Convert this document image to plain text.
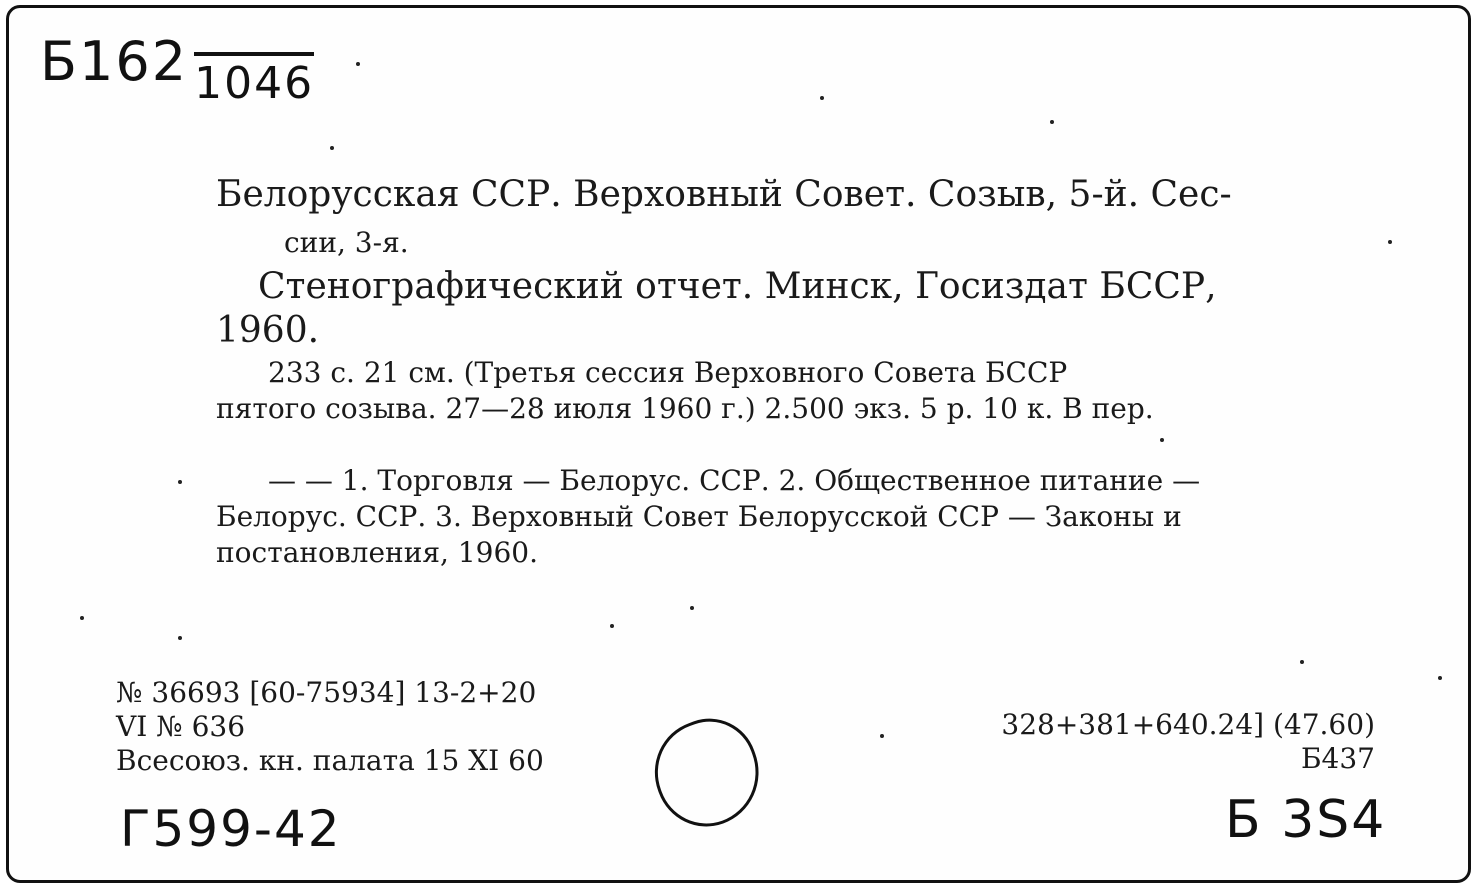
Б162 1046
Белорусская ССР. Верховный Совет. Созыв, 5-й. Сес-
сии, 3-я.
Стенографический отчет. Минск, Госиздат БССР,
1960.
233 с. 21 см. (Третья сессия Верховного Совета БССР
пятого созыва. 27—28 июля 1960 г.) 2.500 экз. 5 р. 10 к. В пер.
— — 1. Торговля — Белорус. ССР. 2. Общественное питание —
Белорус. ССР. 3. Верховный Совет Белорусской ССР — Законы и
постановления, 1960.
№ 36693 [60-75934] 13-2+20
VI № 636
Всесоюз. кн. палата 15 XI 60
328+381+640.24] (47.60)
Б437
Г599-42	Б 3S4
